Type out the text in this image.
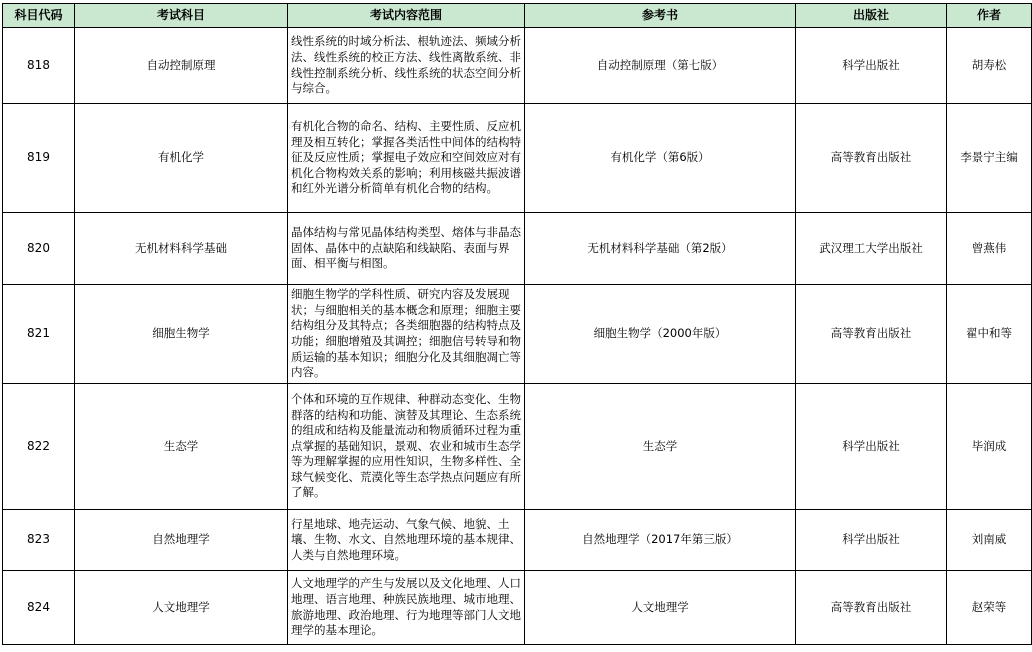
科目代码	考试科目	考试内容范围	参考书	出版社	作者
818	自动控制原理	线性系统的时域分析法、根轨迹法、频域分析法、线性系统的校正方法、线性离散系统、非线性控制系统分析、线性系统的状态空间分析与综合。	自动控制原理（第七版）	科学出版社	胡寿松
819	有机化学	有机化合物的命名、结构、主要性质、反应机理及相互转化；掌握各类活性中间体的结构特征及反应性质；掌握电子效应和空间效应对有机化合物构效关系的影响；利用核磁共振波谱和红外光谱分析简单有机化合物的结构。	有机化学（第6版）	高等教育出版社	李景宁主编
820	无机材料科学基础	晶体结构与常见晶体结构类型、熔体与非晶态固体、晶体中的点缺陷和线缺陷、表面与界面、相平衡与相图。	无机材料科学基础（第2版）	武汉理工大学出版社	曾燕伟
821	细胞生物学	细胞生物学的学科性质、研究内容及发展现状；与细胞相关的基本概念和原理；细胞主要结构组分及其特点；各类细胞器的结构特点及功能；细胞增殖及其调控；细胞信号转导和物质运输的基本知识；细胞分化及其细胞凋亡等内容。	细胞生物学（2000年版）	高等教育出版社	翟中和等
822	生态学	个体和环境的互作规律、种群动态变化、生物群落的结构和功能、演替及其理论、生态系统的组成和结构及能量流动和物质循环过程为重点掌握的基础知识，景观、农业和城市生态学等为理解掌握的应用性知识，生物多样性、全球气候变化、荒漠化等生态学热点问题应有所了解。	生态学	科学出版社	毕润成
823	自然地理学	行星地球、地壳运动、气象气候、地貌、土壤、生物、水文、自然地理环境的基本规律、人类与自然地理环境。	自然地理学（2017年第三版）	科学出版社	刘南威
824	人文地理学	人文地理学的产生与发展以及文化地理、人口地理、语言地理、种族民族地理、城市地理、旅游地理、政治地理、行为地理等部门人文地理学的基本理论。	人文地理学	高等教育出版社	赵荣等
